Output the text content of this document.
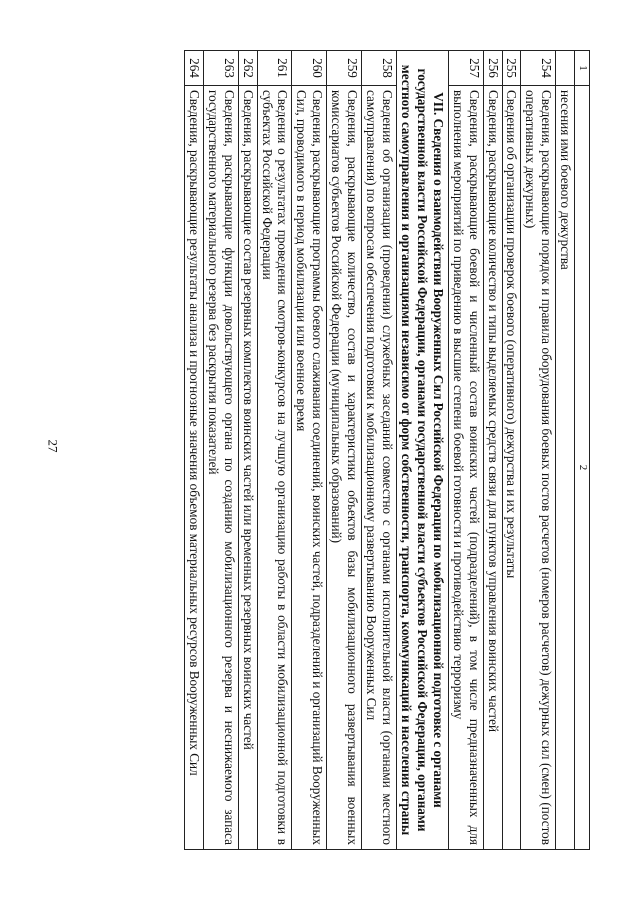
27
1	2
	несения ими боевого дежурства
254	Сведения, раскрывающие порядок и правила оборудования боевых постов расчетов (номеров расчетов) дежурных сил (смен) (постов оперативных дежурных)
255	Сведения об организации проверок боевого (оперативного) дежурства и их результаты
256	Сведения, раскрывающие количество и типы выделяемых средств связи для пунктов управления воинских частей
257	Сведения, раскрывающие боевой и численный состав воинских частей (подразделений), в том числе предназначенных для выполнения мероприятий по приведению в высшие степени боевой готовности и противодействию терроризму
VII. Сведения о взаимодействии Вооруженных Сил Российской Федерации по мобилизационной подготовке с органами государственной власти Российской Федерации, органами государственной власти субъектов Российской Федерации, органами местного самоуправления и организациями независимо от форм собственности, транспорта, коммуникаций и населения страны	
258	Сведения об организации (проведении) служебных заседаний совместно с органами исполнительной власти (органами местного самоуправления) по вопросам обеспечения подготовки к мобилизационному развертыванию Вооруженных Сил
259	Сведения, раскрывающие количество, состав и характеристики объектов базы мобилизационного развертывания военных комиссариатов субъектов Российской Федерации (муниципальных образований)
260	Сведения, раскрывающие программы боевого слаживания соединений, воинских частей, подразделений и организаций Вооруженных Сил, проводимого в период мобилизации или военное время
261	Сведения о результатах проведения смотров-конкурсов на лучшую организацию работы в области мобилизационной подготовки в субъектах Российской Федерации
262	Сведения, раскрывающие состав резервных комплектов воинских частей или временных резервных воинских частей
263	Сведения, раскрывающие функции довольствующего органа по созданию мобилизационного резерва и неснижаемого запаса государственного материального резерва без раскрытия показателей
264	Сведения, раскрывающие результаты анализа и прогнозные значения объемов материальных ресурсов Вооруженных Сил
